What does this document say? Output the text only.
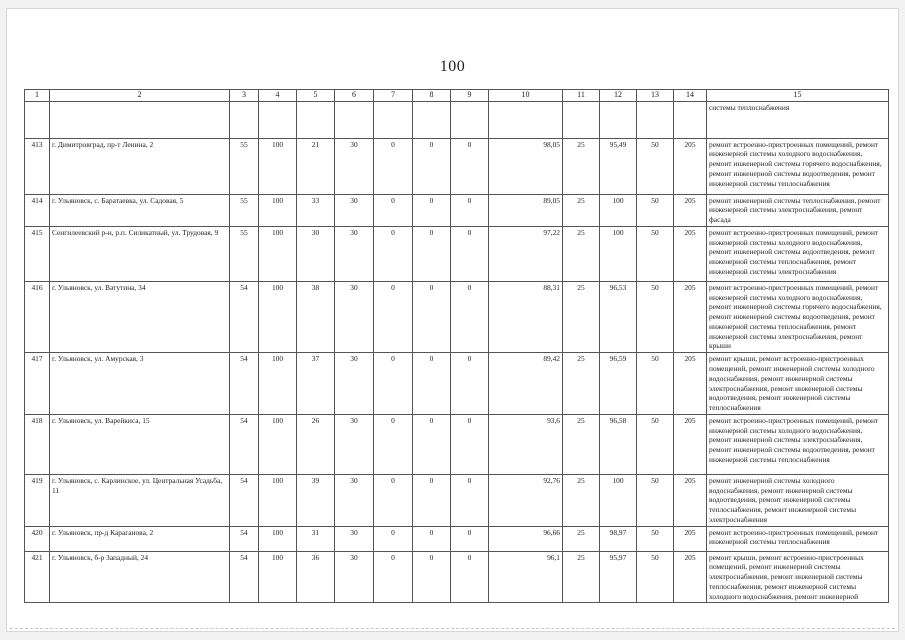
100
1	2	3	4	5	6	7	8	9	10	11	12	13	14	15
														системы теплоснабжения
413	г. Димитровград, пр-т Ленина, 2	55	100	21	30	0	0	0	98,05	25	95,49	50	205	ремонт встроенно-пристроенных помещений, ремонт инженерной системы холодного водоснабжения, ремонт инженерной системы горячего водоснабжения, ремонт инженерной системы водоотведения, ремонт инженерной системы теплоснабжения
414	г. Ульяновск, с. Баратаевка, ул. Садовая, 5	55	100	33	30	0	0	0	89,05	25	100	50	205	ремонт инженерной системы теплоснабжения, ремонт инженерной системы электроснабжения, ремонт фасада
415	Сенгилеевский р-н, р.п. Силикатный, ул. Трудовая, 9	55	100	30	30	0	0	0	97,22	25	100	50	205	ремонт встроенно-пристроенных помещений, ремонт инженерной системы холодного водоснабжения, ремонт инженерной системы водоотведения, ремонт инженерной системы теплоснабжения, ремонт инженерной системы электроснабжения
416	г. Ульяновск, ул. Ватутина, 34	54	100	38	30	0	0	0	88,31	25	96,53	50	205	ремонт встроенно-пристроенных помещений, ремонт инженерной системы холодного водоснабжения, ремонт инженерной системы горячего водоснабжения, ремонт инженерной системы водоотведения, ремонт инженерной системы теплоснабжения, ремонт инженерной системы электроснабжения, ремонт крыши
417	г. Ульяновск, ул. Амурская, 3	54	100	37	30	0	0	0	89,42	25	96,59	50	205	ремонт крыши, ремонт встроенно-пристроенных помещений, ремонт инженерной системы холодного водоснабжения, ремонт инженерной системы электроснабжения, ремонт инженерной системы водоотведения, ремонт инженерной системы теплоснабжения
418	г. Ульяновск, ул. Варейкиса, 15	54	100	26	30	0	0	0	93,6	25	96,58	50	205	ремонт встроенно-пристроенных помещений, ремонт инженерной системы холодного водоснабжения, ремонт инженерной системы электроснабжения, ремонт инженерной системы водоотведения, ремонт инженерной системы теплоснабжения
419	г. Ульяновск, с. Карлинское, ул. Центральная Усадьба, 11	54	100	39	30	0	0	0	92,76	25	100	50	205	ремонт инженерной системы холодного водоснабжения, ремонт инженерной системы водоотведения, ремонт инженерной системы теплоснабжения, ремонт инженерной системы электроснабжения
420	г. Ульяновск, пр-д Караганова, 2	54	100	31	30	0	0	0	96,66	25	98,97	50	205	ремонт встроенно-пристроенных помещений, ремонт инженерной системы теплоснабжения
421	г. Ульяновск, б-р Западный, 24	54	100	36	30	0	0	0	96,1	25	95,97	50	205	ремонт крыши, ремонт встроенно-пристроенных помещений, ремонт инженерной системы электроснабжения, ремонт инженерной системы теплоснабжения, ремонт инженерной системы холодного водоснабжения, ремонт инженерной
